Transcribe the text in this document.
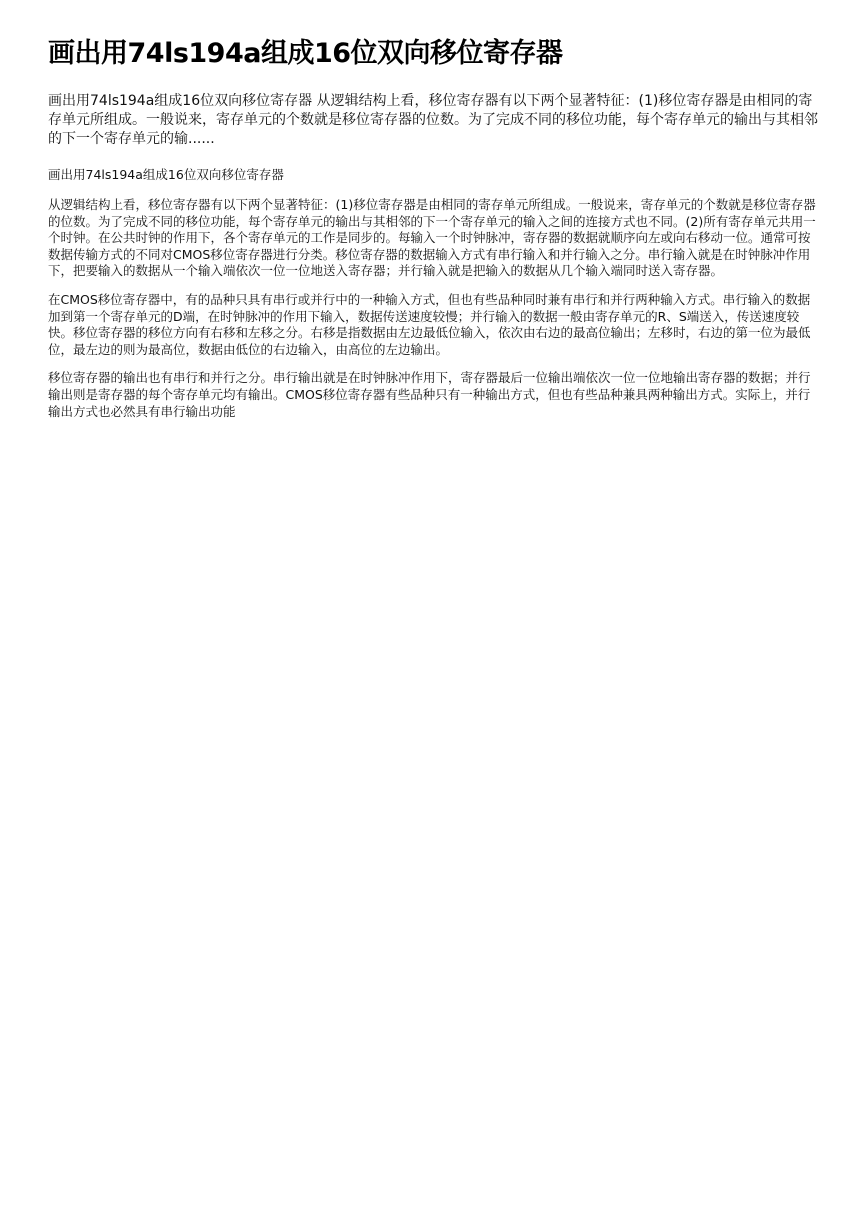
画出用74ls194a组成16位双向移位寄存器

画出用74ls194a组成16位双向移位寄存器 从逻辑结构上看，移位寄存器有以下两个显著特征：(1)移位寄存器是由相同的寄存单元所组成。一般说来，寄存单元的个数就是移位寄存器的位数。为了完成不同的移位功能，每个寄存单元的输出与其相邻的下一个寄存单元的输......

画出用74ls194a组成16位双向移位寄存器

从逻辑结构上看，移位寄存器有以下两个显著特征：(1)移位寄存器是由相同的寄存单元所组成。一般说来，寄存单元的个数就是移位寄存器的位数。为了完成不同的移位功能，每个寄存单元的输出与其相邻的下一个寄存单元的输入之间的连接方式也不同。(2)所有寄存单元共用一个时钟。在公共时钟的作用下，各个寄存单元的工作是同步的。每输入一个时钟脉冲，寄存器的数据就顺序向左或向右移动一位。通常可按数据传输方式的不同对CMOS移位寄存器进行分类。移位寄存器的数据输入方式有串行输入和并行输入之分。串行输入就是在时钟脉冲作用下，把要输入的数据从一个输入端依次一位一位地送入寄存器；并行输入就是把输入的数据从几个输入端同时送入寄存器。

在CMOS移位寄存器中，有的品种只具有串行或并行中的一种输入方式，但也有些品种同时兼有串行和并行两种输入方式。串行输入的数据加到第一个寄存单元的D端，在时钟脉冲的作用下输入，数据传送速度较慢；并行输入的数据一般由寄存单元的R、S端送入，传送速度较快。移位寄存器的移位方向有右移和左移之分。右移是指数据由左边最低位输入，依次由右边的最高位输出；左移时，右边的第一位为最低位，最左边的则为最高位，数据由低位的右边输入，由高位的左边输出。

移位寄存器的输出也有串行和并行之分。串行输出就是在时钟脉冲作用下，寄存器最后一位输出端依次一位一位地输出寄存器的数据；并行输出则是寄存器的每个寄存单元均有输出。CMOS移位寄存器有些品种只有一种输出方式，但也有些品种兼具两种输出方式。实际上，并行输出方式也必然具有串行输出功能
